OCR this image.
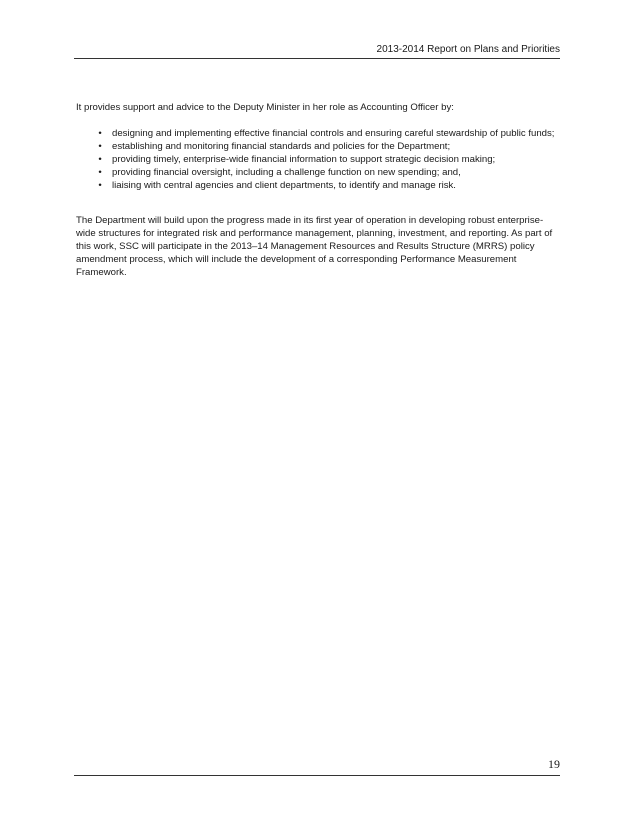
2013-2014 Report on Plans and Priorities

It provides support and advice to the Deputy Minister in her role as Accounting Officer by:

• designing and implementing effective financial controls and ensuring careful stewardship of public funds;
• establishing and monitoring financial standards and policies for the Department;
• providing timely, enterprise-wide financial information to support strategic decision making;
• providing financial oversight, including a challenge function on new spending; and,
• liaising with central agencies and client departments, to identify and manage risk.

The Department will build upon the progress made in its first year of operation in developing robust enterprise-wide structures for integrated risk and performance management, planning, investment, and reporting. As part of this work, SSC will participate in the 2013–14 Management Resources and Results Structure (MRRS) policy amendment process, which will include the development of a corresponding Performance Measurement Framework.

19
